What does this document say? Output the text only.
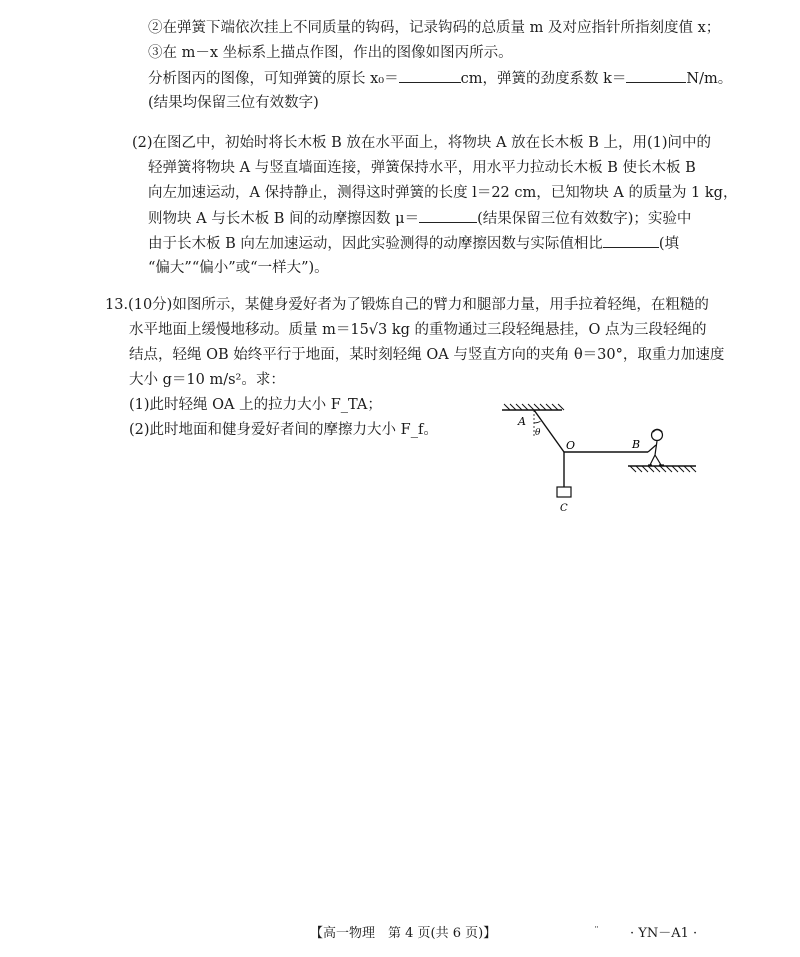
②在弹簧下端依次挂上不同质量的钩码，记录钩码的总质量 m 及对应指针所指刻度值 x；
③在 m－x 坐标系上描点作图，作出的图像如图丙所示。
分析图丙的图像，可知弹簧的原长 x₀＝	cm，弹簧的劲度系数 k＝	N/m。
(结果均保留三位有效数字)
(2)在图乙中，初始时将长木板 B 放在水平面上，将物块 A 放在长木板 B 上，用(1)问中的
轻弹簧将物块 A 与竖直墙面连接，弹簧保持水平，用水平力拉动长木板 B 使长木板 B
向左加速运动，A 保持静止，测得这时弹簧的长度 l＝22 cm，已知物块 A 的质量为 1 kg，
则物块 A 与长木板 B 间的动摩擦因数 μ＝	(结果保留三位有效数字)；实验中
由于长木板 B 向左加速运动，因此实验测得的动摩擦因数与实际值相比	(填
“偏大”“偏小”或“一样大”)。
13.(10分)如图所示，某健身爱好者为了锻炼自己的臂力和腿部力量，用手拉着轻绳，在粗糙的
水平地面上缓慢地移动。质量 m＝15√3 kg 的重物通过三段轻绳悬挂，O 点为三段轻绳的
结点，轻绳 OB 始终平行于地面，某时刻轻绳 OA 与竖直方向的夹角 θ＝30°，取重力加速度
大小 g＝10 m/s²。求：
(1)此时轻绳 OA 上的拉力大小 F_TA；
(2)此时地面和健身爱好者间的摩擦力大小 F_f。
A
θ
O	B
C
【高一物理　第 4 页(共 6 页)】	¨ · YN－A1 ·
